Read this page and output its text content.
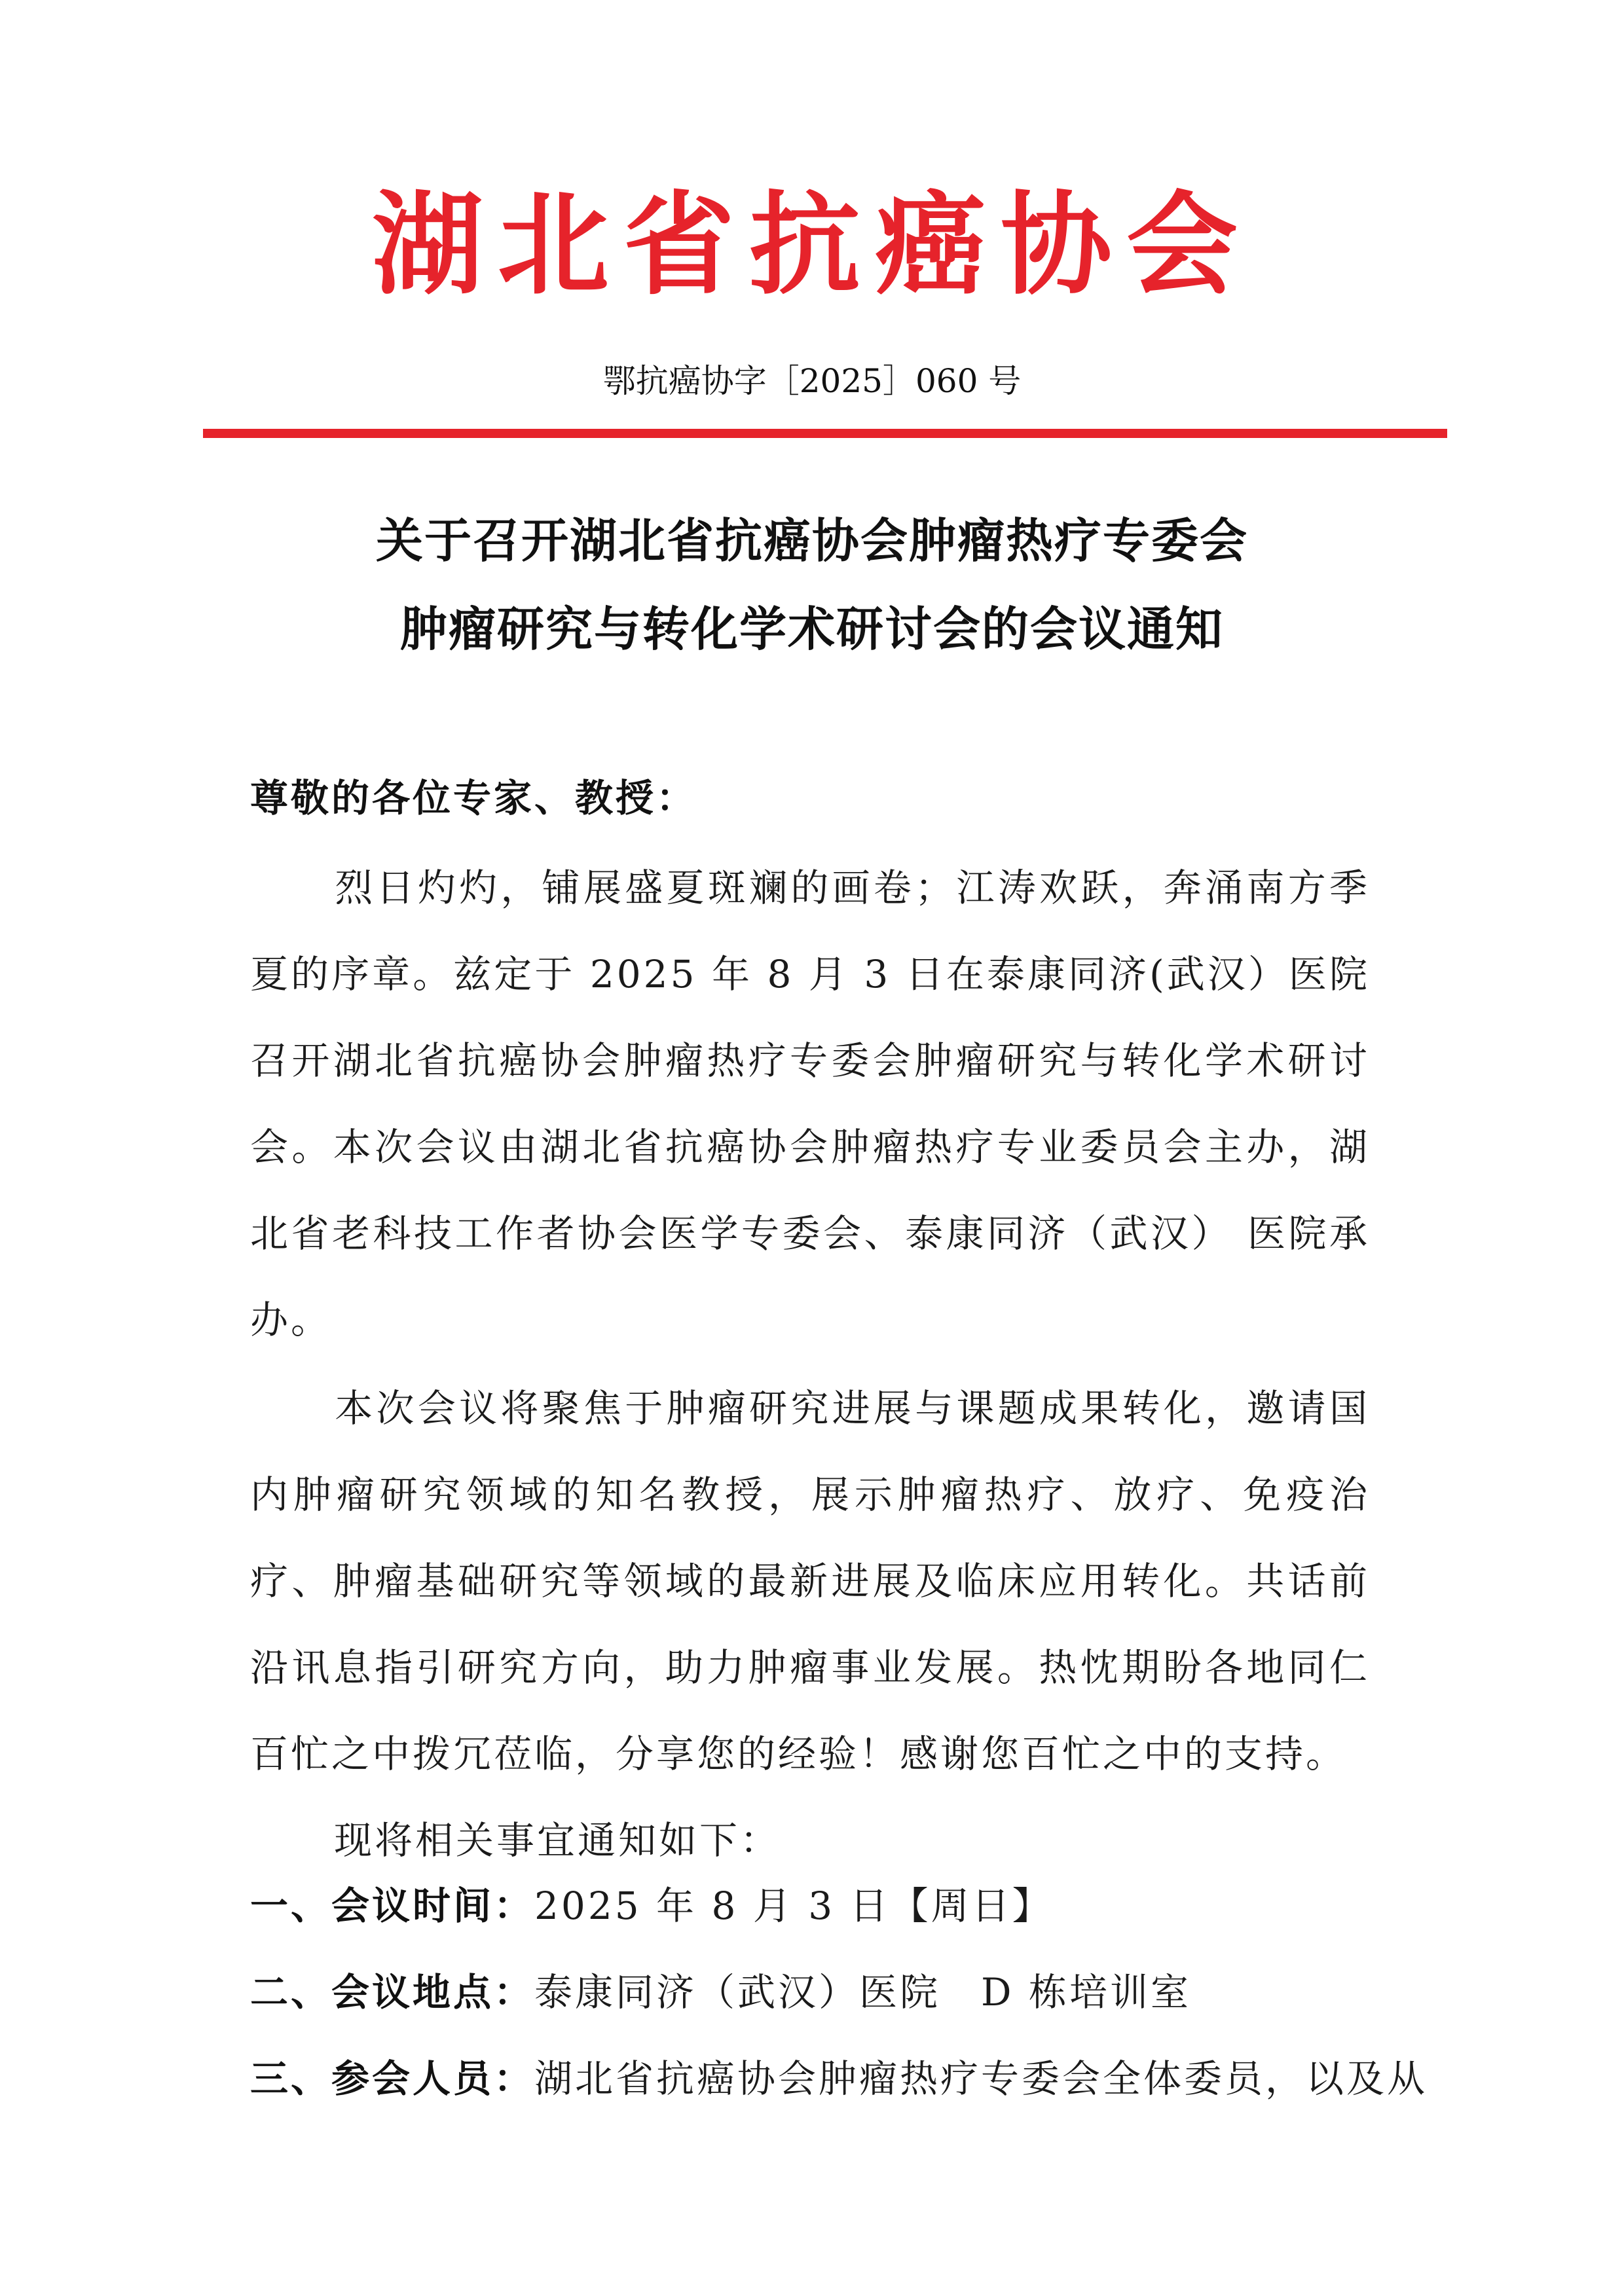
湖北省抗癌协会
鄂抗癌协字［2025］060 号
关于召开湖北省抗癌协会肿瘤热疗专委会
肿瘤研究与转化学术研讨会的会议通知
尊敬的各位专家、教授：
烈日灼灼，铺展盛夏斑斓的画卷；江涛欢跃，奔涌南方季夏的序章。兹定于 2025 年 8 月 3 日在泰康同济(武汉）医院召开湖北省抗癌协会肿瘤热疗专委会肿瘤研究与转化学术研讨会。本次会议由湖北省抗癌协会肿瘤热疗专业委员会主办，湖北省老科技工作者协会医学专委会、泰康同济（武汉） 医院承办。
本次会议将聚焦于肿瘤研究进展与课题成果转化，邀请国内肿瘤研究领域的知名教授，展示肿瘤热疗、放疗、免疫治疗、肿瘤基础研究等领域的最新进展及临床应用转化。共话前沿讯息指引研究方向，助力肿瘤事业发展。热忱期盼各地同仁百忙之中拨冗莅临，分享您的经验！感谢您百忙之中的支持。
现将相关事宜通知如下：
一、会议时间：2025 年 8 月 3 日【周日】
二、会议地点：泰康同济（武汉）医院　D 栋培训室
三、参会人员：湖北省抗癌协会肿瘤热疗专委会全体委员，以及从
